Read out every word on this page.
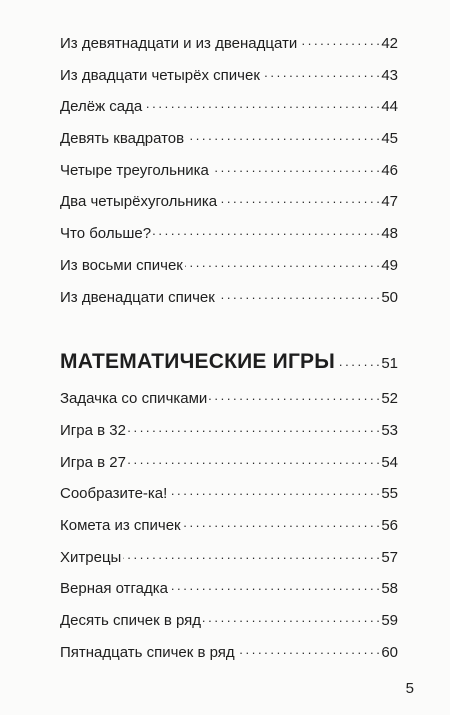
Из девятнадцати и из двенадцати . . .	42
Из двадцати четырёх спичек . . .	43
Делёж сада . . .	44
Девять квадратов . . .	45
Четыре треугольника . . .	46
Два четырёхугольника . . .	47
Что больше? . . .	48
Из восьми спичек . . .	49
Из двенадцати спичек . . .	50
МАТЕМАТИЧЕСКИЕ ИГРЫ . . .	51
Задачка со спичками . . .	52
Игра в 32 . . .	53
Игра в 27 . . .	54
Сообразите-ка! . . .	55
Комета из спичек . . .	56
Хитрецы . . .	57
Верная отгадка . . .	58
Десять спичек в ряд . . .	59
Пятнадцать спичек в ряд . . .	60
5
